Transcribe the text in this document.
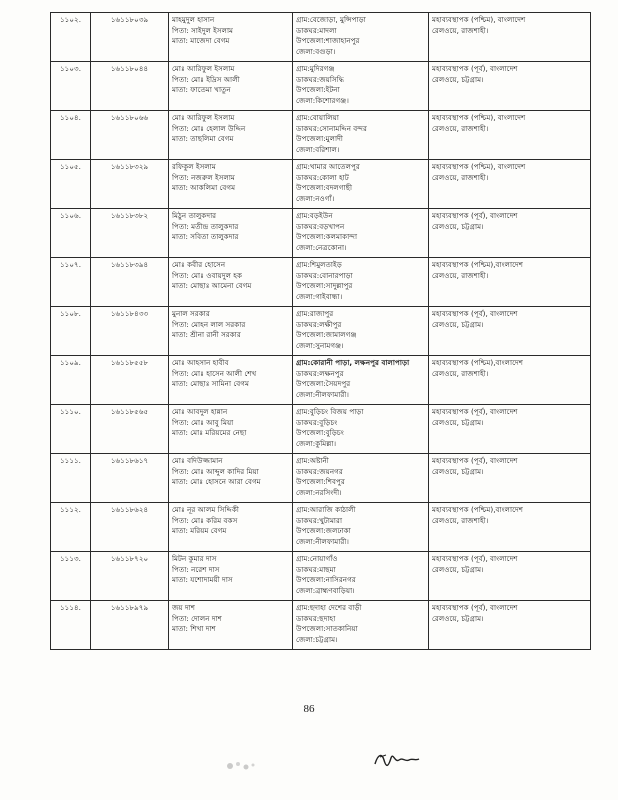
১১০২.	১৬১১৮০৩৯	মাহমুদুল হাসান
পিতা: সাইদুল ইসলাম
মাতা: মাজেদা বেগম	গ্রাম:বেজোড়া, মুন্সিপাড়া
ডাকঘর:মাদলা
উপজেলা:শাজাহানপুর
জেলা:বগুড়া।	মহাব্যবস্থাপক (পশ্চিম), বাংলাদেশ
রেলওয়ে, রাজশাহী।

১১০৩.	১৬১১৮০৪৪	মোঃ আরিফুল ইসলাম
পিতা: মোঃ ইদ্রিস আলী
মাতা: ফাতেমা খাতুন	গ্রাম:মুদিরগঞ্জ
ডাকঘর:জয়সিদ্ধি
উপজেলা:ইটনা
জেলা:কিশোরগঞ্জ।	মহাব্যবস্থাপক (পূর্ব), বাংলাদেশ
রেলওয়ে, চট্টগ্রাম।

১১০৪.	১৬১১৮০৬৬	মোঃ আরিফুল ইসলাম
পিতা: মোঃ হেলাল উদ্দিন
মাতা: তাছলিমা বেগম	গ্রাম:বোয়ালিয়া
ডাকঘর:সোনামদ্দিন বন্দর
উপজেলা:মুলাদী
জেলা:বরিশাল।	মহাব্যবস্থাপক (পশ্চিম), বাংলাদেশ
রেলওয়ে, রাজশাহী।

১১০৫.	১৬১১৮৩২৯	রফিকুল ইসলাম
পিতা: নজরুল ইসলাম
মাতা: আকলিমা বেগম	গ্রাম:খামার আতেলপুর
ডাকঘর:কোলা হাট
উপজেলা:বদলগাছী
জেলা:নওগাঁ।	মহাব্যবস্থাপক (পশ্চিম), বাংলাদেশ
রেলওয়ে, রাজশাহী।

১১০৬.	১৬১১৮৩৮২	মিঠুন তালুকদার
পিতা: মতীন্দ্র তালুকদার
মাতা: সবিতা তালুকদার	গ্রাম:বড়ইউন
ডাকঘর:বড়খাপন
উপজেলা:কলমাকান্দা
জেলা:নেত্রকোনা।	মহাব্যবস্থাপক (পূর্ব), বাংলাদেশ
রেলওয়ে, চট্টগ্রাম।

১১০৭.	১৬১১৮৩৯৪	মোঃ কবীর হোসেন
পিতা: মোঃ ওবায়দুল হক
মাতা: মোছাঃ আমেনা বেগম	গ্রাম:শিমুলতাইড়
ডাকঘর:বোনারপাড়া
উপজেলা:সাদুল্লাপুর
জেলা:গাইবান্ধা।	মহাব্যবস্থাপক (পশ্চিম),বাংলাদেশ
রেলওয়ে, রাজশাহী।

১১০৮.	১৬১১৮৪৩৩	মুনাল সরকার
পিতা: মোহন লাল সরকার
মাতা: শ্রীনা রানী সরকার	গ্রাম:রাজাপুর
ডাকঘর:লক্ষীপুর
উপজেলা:জামালগঞ্জ
জেলা:সুনামগঞ্জ।	মহাব্যবস্থাপক (পূর্ব), বাংলাদেশ
রেলওয়ে, চট্টগ্রাম।

১১০৯.	১৬১১৮৫৫৮	মোঃ আহসান হাবীব
পিতা: মোঃ হাসেন আলী শেখ
মাতা: মোছাঃ সামিনা বেগম	গ্রাম:কোরানী পাড়া, লক্ষনপুর বালাপাড়া
ডাকঘর:লক্ষনপুর
উপজেলা:সৈয়দপুর
জেলা:নীলফামারী।	মহাব্যবস্থাপক (পশ্চিম),বাংলাদেশ
রেলওয়ে, রাজশাহী।

১১১০.	১৬১১৮৫৬৫	মোঃ আবদুল হান্নান
পিতা: মোঃ আবু মিয়া
মাতা: মোঃ মরিয়মের নেছা	গ্রাম:বুড়িচং বিজয় পাড়া
ডাকঘর:বুড়িচং
উপজেলা:বুড়িচং
জেলা:কুমিল্লা।	মহাব্যবস্থাপক (পূর্ব), বাংলাদেশ
রেলওয়ে, চট্টগ্রাম।

১১১১.	১৬১১৮৬১৭	মোঃ বদিউজ্জামান
পিতা: মোঃ আব্দুল কাদির মিয়া
মাতা: মোঃ হোসনে আরা বেগম	গ্রাম:অষ্টানী
ডাকঘর:জয়নগর
উপজেলা:শিবপুর
জেলা:নরসিংদী।	মহাব্যবস্থাপক (পূর্ব), বাংলাদেশ
রেলওয়ে, চট্টগ্রাম।

১১১২.	১৬১১৮৬২৪	মোঃ নূর আলম সিদ্দিকী
পিতা: মোঃ করিম বকস
মাতা: মরিয়ম বেগম	গ্রাম:আরাজি কাঠালী
ডাকঘর:খুটামারা
উপজেলা:জলঢাকা
জেলা:নীলফামারী।	মহাব্যবস্থাপক (পশ্চিম),বাংলাদেশ
রেলওয়ে, রাজশাহী।

১১১৩.	১৬১১৮৭২০	মিটন কুমার দাস
পিতা: নরেশ দাস
মাতা: যশোদাময়ী দাস	গ্রাম:নোয়াগাঁও
ডাকঘর:মাছমা
উপজেলা:নাসিরনগর
জেলা:ব্রাহ্মণবাড়িয়া।	মহাব্যবস্থাপক (পূর্ব), বাংলাদেশ
রেলওয়ে, চট্টগ্রাম।

১১১৪.	১৬১১৮৯৭৯	জয় দাশ
পিতা: দোলন দাশ
মাতা: শিখা দাশ	গ্রাম:ছদাহা দেশের বাড়ী
ডাকঘর:ছদাহা
উপজেলা:সাতকানিয়া
জেলা:চট্টগ্রাম।	মহাব্যবস্থাপক (পূর্ব), বাংলাদেশ
রেলওয়ে, চট্টগ্রাম।
86
